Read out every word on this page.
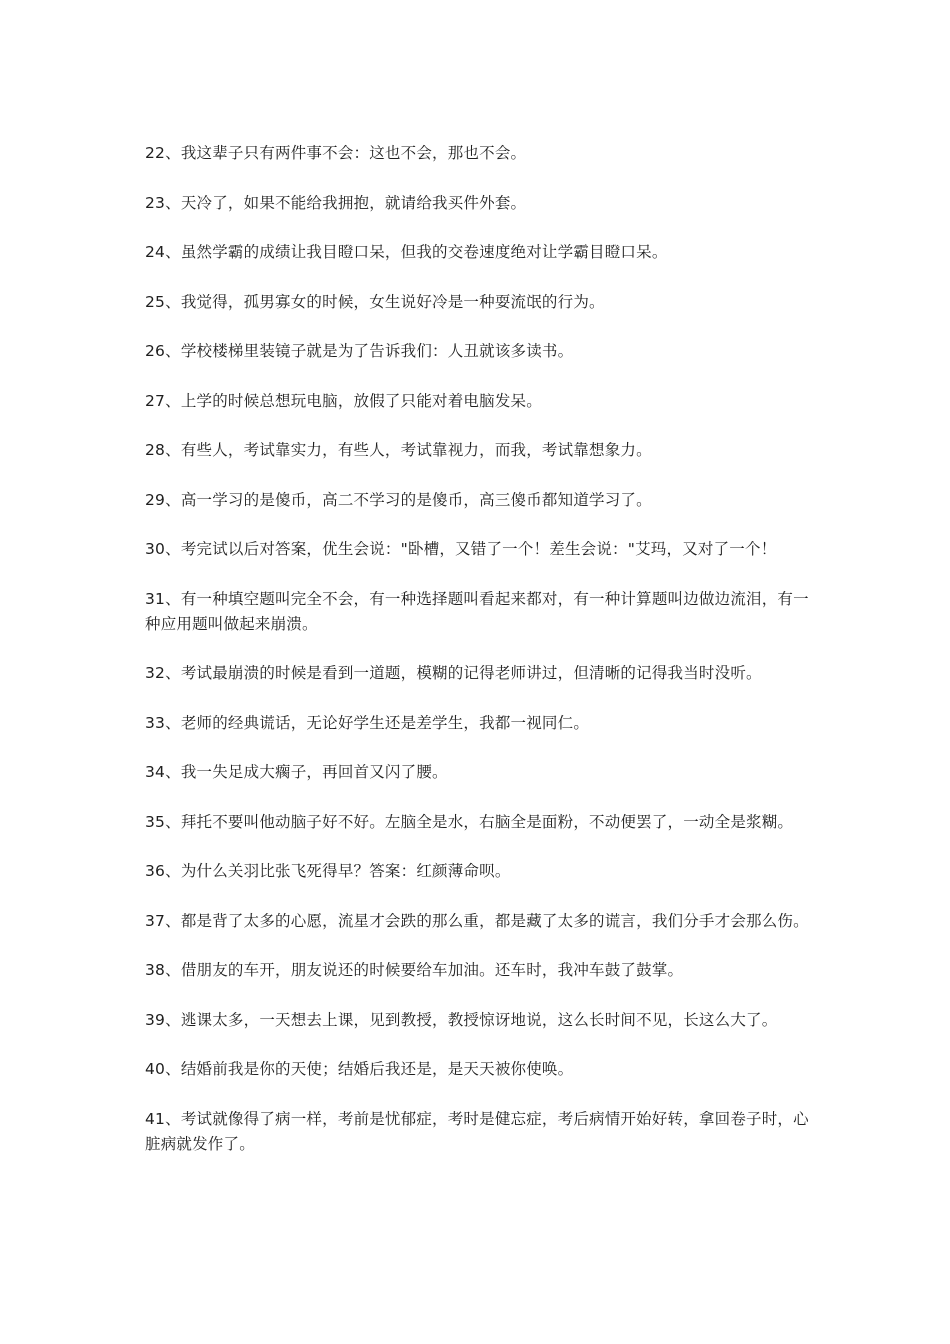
22、我这辈子只有两件事不会：这也不会，那也不会。

23、天冷了，如果不能给我拥抱，就请给我买件外套。

24、虽然学霸的成绩让我目瞪口呆，但我的交卷速度绝对让学霸目瞪口呆。

25、我觉得，孤男寡女的时候，女生说好冷是一种耍流氓的行为。

26、学校楼梯里装镜子就是为了告诉我们：人丑就该多读书。

27、上学的时候总想玩电脑，放假了只能对着电脑发呆。

28、有些人，考试靠实力，有些人，考试靠视力，而我，考试靠想象力。

29、高一学习的是傻币，高二不学习的是傻币，高三傻币都知道学习了。

30、考完试以后对答案，优生会说："卧槽，又错了一个！差生会说："艾玛，又对了一个！

31、有一种填空题叫完全不会，有一种选择题叫看起来都对，有一种计算题叫边做边流泪，有一种应用题叫做起来崩溃。

32、考试最崩溃的时候是看到一道题，模糊的记得老师讲过，但清晰的记得我当时没听。

33、老师的经典谎话，无论好学生还是差学生，我都一视同仁。

34、我一失足成大瘸子，再回首又闪了腰。

35、拜托不要叫他动脑子好不好。左脑全是水，右脑全是面粉，不动便罢了，一动全是浆糊。

36、为什么关羽比张飞死得早？答案：红颜薄命呗。

37、都是背了太多的心愿，流星才会跌的那么重，都是藏了太多的谎言，我们分手才会那么伤。

38、借朋友的车开，朋友说还的时候要给车加油。还车时，我冲车鼓了鼓掌。

39、逃课太多，一天想去上课，见到教授，教授惊讶地说，这么长时间不见，长这么大了。

40、结婚前我是你的天使；结婚后我还是，是天天被你使唤。

41、考试就像得了病一样，考前是忧郁症，考时是健忘症，考后病情开始好转，拿回卷子时，心脏病就发作了。
